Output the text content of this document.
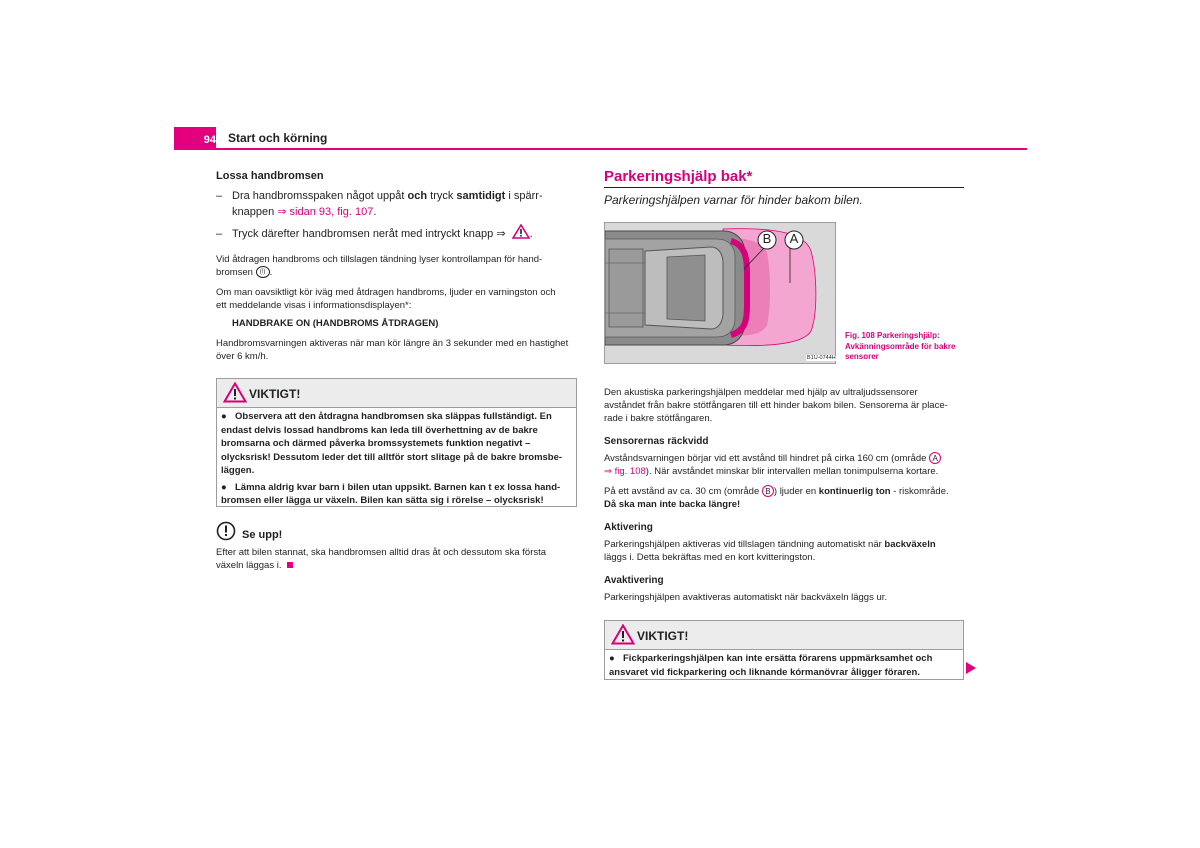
94 Start och körning
Lossa handbromsen
– Dra handbromsspaken något uppåt och tryck samtidigt i spärr-
knappen ⇒ sidan 93, fig. 107.
– Tryck därefter handbromsen neråt med intryckt knapp ⇒ .
Vid åtdragen handbroms och tillslagen tändning lyser kontrollampan för hand-
bromsen (!) .
Om man oavsiktligt kör iväg med åtdragen handbroms, ljuder en varningston och
ett meddelande visas i informationsdisplayen*:
HANDBRAKE ON (HANDBROMS ÅTDRAGEN)
Handbromsvarningen aktiveras när man kör längre än 3 sekunder med en hastighet
över 6 km/h.
VIKTIGT!
● Observera att den åtdragna handbromsen ska släppas fullständigt. En
endast delvis lossad handbroms kan leda till överhettning av de bakre
bromsarna och därmed påverka bromssystemets funktion negativt –
olycksrisk! Dessutom leder det till alltför stort slitage på de bakre bromsbe-
läggen.
● Lämna aldrig kvar barn i bilen utan uppsikt. Barnen kan t ex lossa hand-
bromsen eller lägga ur växeln. Bilen kan sätta sig i rörelse – olycksrisk!
Se upp!
Efter att bilen stannat, ska handbromsen alltid dras åt och dessutom ska första
växeln läggas i.
Parkeringshjälp bak*
Parkeringshjälpen varnar för hinder bakom bilen.
B	A
B1U-0744H
Fig. 108 Parkeringshjälp:
Avkänningsområde för bakre
sensorer
Den akustiska parkeringshjälpen meddelar med hjälp av ultraljudssensorer
avståndet från bakre stötfångaren till ett hinder bakom bilen. Sensorerna är place-
rade i bakre stötfångaren.
Sensorernas räckvidd
Avståndsvarningen börjar vid ett avstånd till hindret på cirka 160 cm (område A
⇒ fig. 108). När avståndet minskar blir intervallen mellan tonimpulserna kortare.
På ett avstånd av ca. 30 cm (område B ) ljuder en kontinuerlig ton - riskområde.
Då ska man inte backa längre!
Aktivering
Parkeringshjälpen aktiveras vid tillslagen tändning automatiskt när backväxeln
läggs i. Detta bekräftas med en kort kvitteringston.
Avaktivering
Parkeringshjälpen avaktiveras automatiskt när backväxeln läggs ur.
VIKTIGT!
● Fickparkeringshjälpen kan inte ersätta förarens uppmärksamhet och
ansvaret vid fickparkering och liknande kórmanövrar åligger föraren.
